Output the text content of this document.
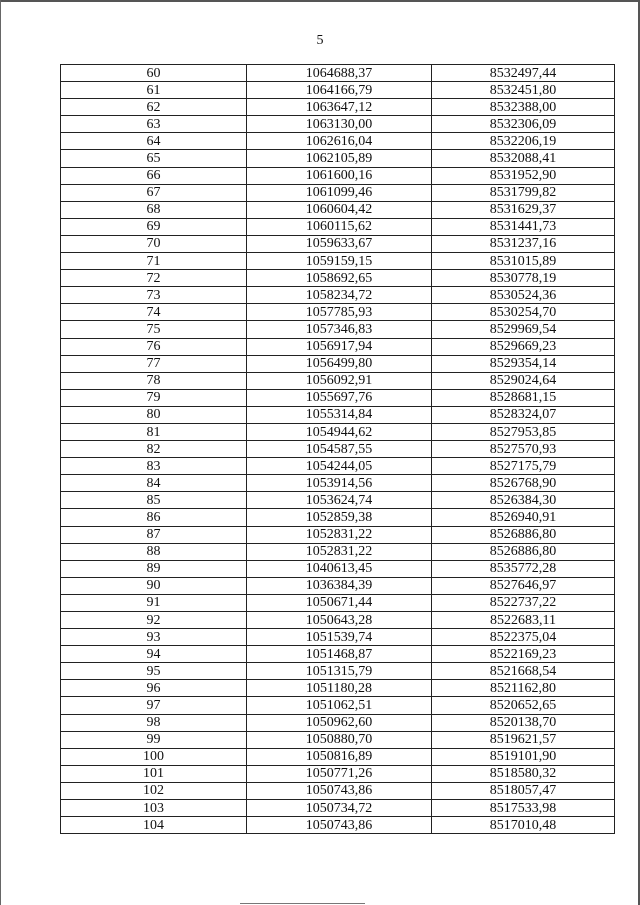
5
60	1064688,37	8532497,44
61	1064166,79	8532451,80
62	1063647,12	8532388,00
63	1063130,00	8532306,09
64	1062616,04	8532206,19
65	1062105,89	8532088,41
66	1061600,16	8531952,90
67	1061099,46	8531799,82
68	1060604,42	8531629,37
69	1060115,62	8531441,73
70	1059633,67	8531237,16
71	1059159,15	8531015,89
72	1058692,65	8530778,19
73	1058234,72	8530524,36
74	1057785,93	8530254,70
75	1057346,83	8529969,54
76	1056917,94	8529669,23
77	1056499,80	8529354,14
78	1056092,91	8529024,64
79	1055697,76	8528681,15
80	1055314,84	8528324,07
81	1054944,62	8527953,85
82	1054587,55	8527570,93
83	1054244,05	8527175,79
84	1053914,56	8526768,90
85	1053624,74	8526384,30
86	1052859,38	8526940,91
87	1052831,22	8526886,80
88	1052831,22	8526886,80
89	1040613,45	8535772,28
90	1036384,39	8527646,97
91	1050671,44	8522737,22
92	1050643,28	8522683,11
93	1051539,74	8522375,04
94	1051468,87	8522169,23
95	1051315,79	8521668,54
96	1051180,28	8521162,80
97	1051062,51	8520652,65
98	1050962,60	8520138,70
99	1050880,70	8519621,57
100	1050816,89	8519101,90
101	1050771,26	8518580,32
102	1050743,86	8518057,47
103	1050734,72	8517533,98
104	1050743,86	8517010,48
